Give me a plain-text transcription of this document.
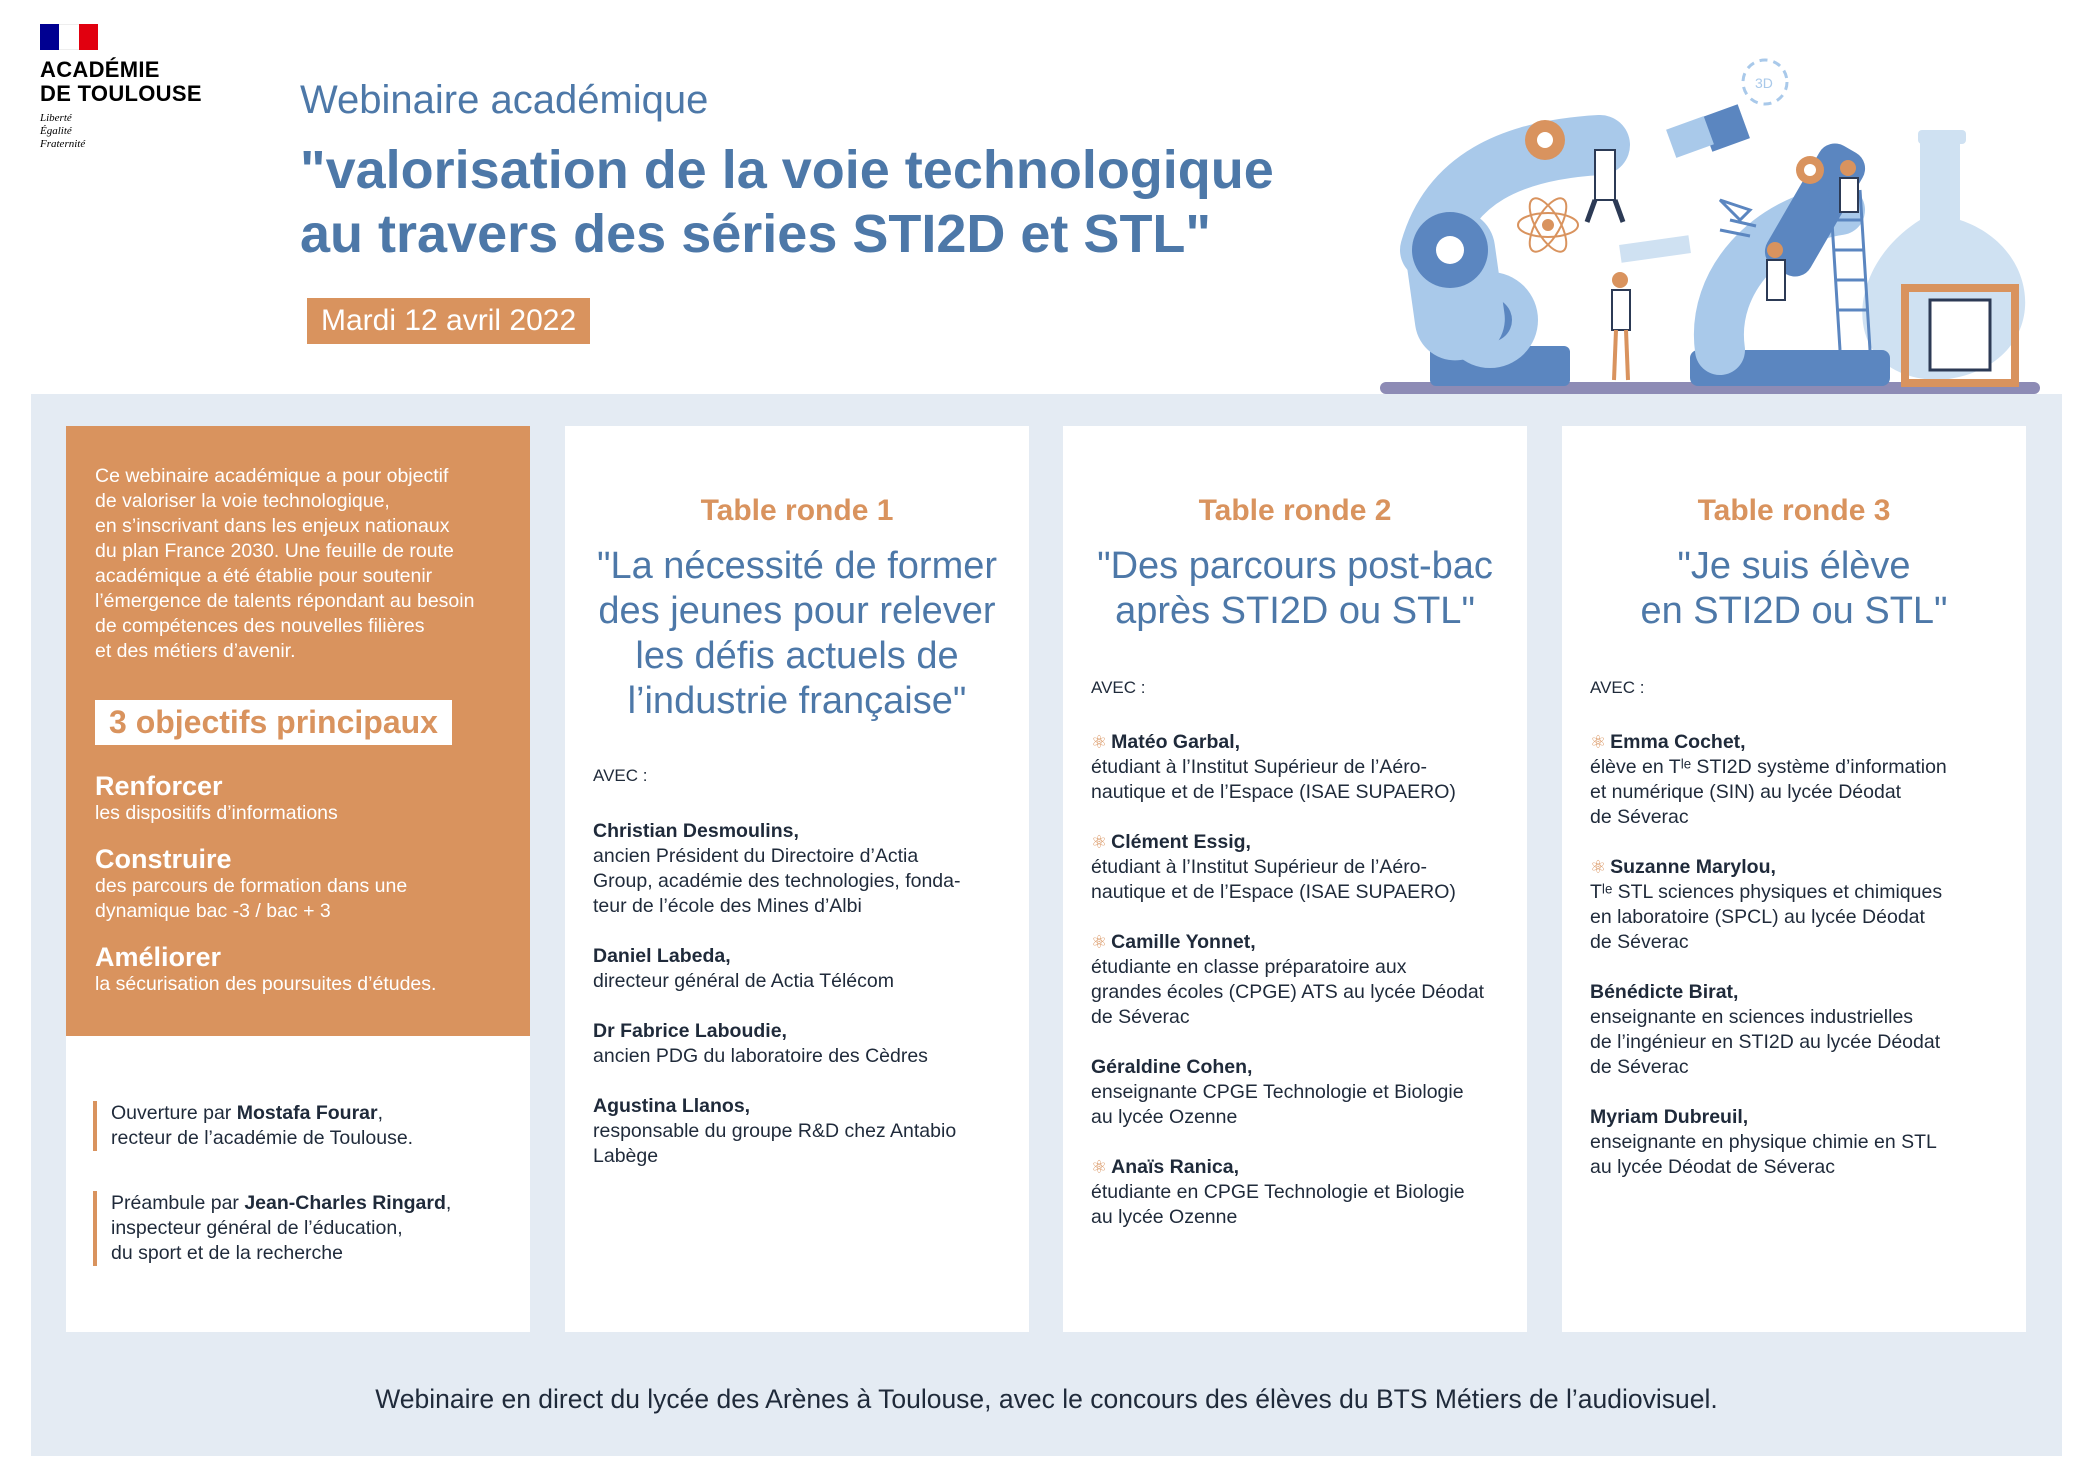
ACADÉMIE
DE TOULOUSE
Liberté
Égalité
Fraternité
Webinaire académique
"valorisation de la voie technologique
au travers des séries STI2D et STL"
Mardi 12 avril 2022
3D
Ce webinaire académique a pour objectif
de valoriser la voie technologique,
en s’inscrivant dans les enjeux nationaux
du plan France 2030. Une feuille de route
académique a été établie pour soutenir
l’émergence de talents répondant au besoin
de compétences des nouvelles filières
et des métiers d’avenir.
3 objectifs principaux
Renforcer
les dispositifs d’informations
Construire
des parcours de formation dans une
dynamique bac -3 / bac + 3
Améliorer
la sécurisation des poursuites d’études.
Ouverture par Mostafa Fourar,
recteur de l’académie de Toulouse.
Préambule par Jean-Charles Ringard,
inspecteur général de l’éducation,
du sport et de la recherche
Table ronde 1
"La nécessité de former
des jeunes pour relever
les défis actuels de
l’industrie française"
AVEC :
Christian Desmoulins,
ancien Président du Directoire d’Actia
Group, académie des technologies, fonda-
teur de l’école des Mines d’Albi
Daniel Labeda,
directeur général de Actia Télécom
Dr Fabrice Laboudie,
ancien PDG du laboratoire des Cèdres
Agustina Llanos,
responsable du groupe R&D chez Antabio
Labège
Table ronde 2
"Des parcours post-bac
après STI2D ou STL"
AVEC :
⚛ Matéo Garbal,
étudiant à l’Institut Supérieur de l’Aéro-
nautique et de l’Espace (ISAE SUPAERO)
⚛ Clément Essig,
étudiant à l’Institut Supérieur de l’Aéro-
nautique et de l’Espace (ISAE SUPAERO)
⚛ Camille Yonnet,
étudiante en classe préparatoire aux
grandes écoles (CPGE) ATS au lycée Déodat
de Séverac
Géraldine Cohen,
enseignante CPGE Technologie et Biologie
au lycée Ozenne
⚛ Anaïs Ranica,
étudiante en CPGE Technologie et Biologie
au lycée Ozenne
Table ronde 3
"Je suis élève
en STI2D ou STL"
AVEC :
⚛ Emma Cochet,
élève en Tˡᵉ STI2D système d’information
et numérique (SIN) au lycée Déodat
de Séverac
⚛ Suzanne Marylou,
Tˡᵉ STL sciences physiques et chimiques
en laboratoire (SPCL) au lycée Déodat
de Séverac
Bénédicte Birat,
enseignante en sciences industrielles
de l’ingénieur en STI2D au lycée Déodat
de Séverac
Myriam Dubreuil,
enseignante en physique chimie en STL
au lycée Déodat de Séverac
Webinaire en direct du lycée des Arènes à Toulouse, avec le concours des élèves du BTS Métiers de l’audiovisuel.
